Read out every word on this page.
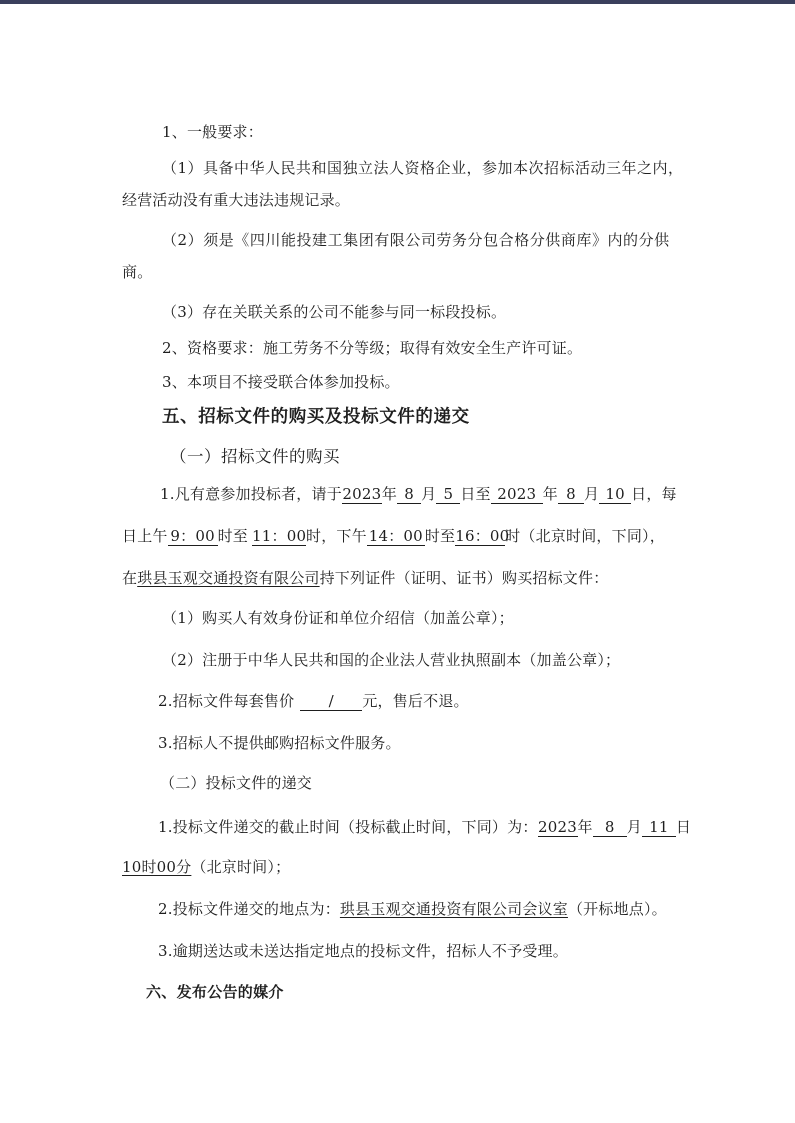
1、一般要求：
（1）具备中华人民共和国独立法人资格企业，参加本次招标活动三年之内，
经营活动没有重大违法违规记录。
（2）须是《四川能投建工集团有限公司劳务分包合格分供商库》内的分供
商。
（3）存在关联关系的公司不能参与同一标段投标。
2、资格要求：施工劳务不分等级；取得有效安全生产许可证。
3、本项目不接受联合体参加投标。
五、招标文件的购买及投标文件的递交
（一）招标文件的购买
1.凡有意参加投标者，请于2023年 8 月 5 日至 2023 年 8 月 10 日，每
日上午 9：00 时至 11：00时，下午 14：00 时至16：00时（北京时间，下同），
在珙县玉观交通投资有限公司持下列证件（证明、证书）购买招标文件：
（1）购买人有效身份证和单位介绍信（加盖公章）；
（2）注册于中华人民共和国的企业法人营业执照副本（加盖公章）；
2.招标文件每套售价 / 元，售后不退。
3.招标人不提供邮购招标文件服务。
（二）投标文件的递交
1.投标文件递交的截止时间（投标截止时间，下同）为：2023年 8 月 11 日
10时00分（北京时间）；
2.投标文件递交的地点为：珙县玉观交通投资有限公司会议室（开标地点）。
3.逾期送达或未送达指定地点的投标文件，招标人不予受理。
六、发布公告的媒介
